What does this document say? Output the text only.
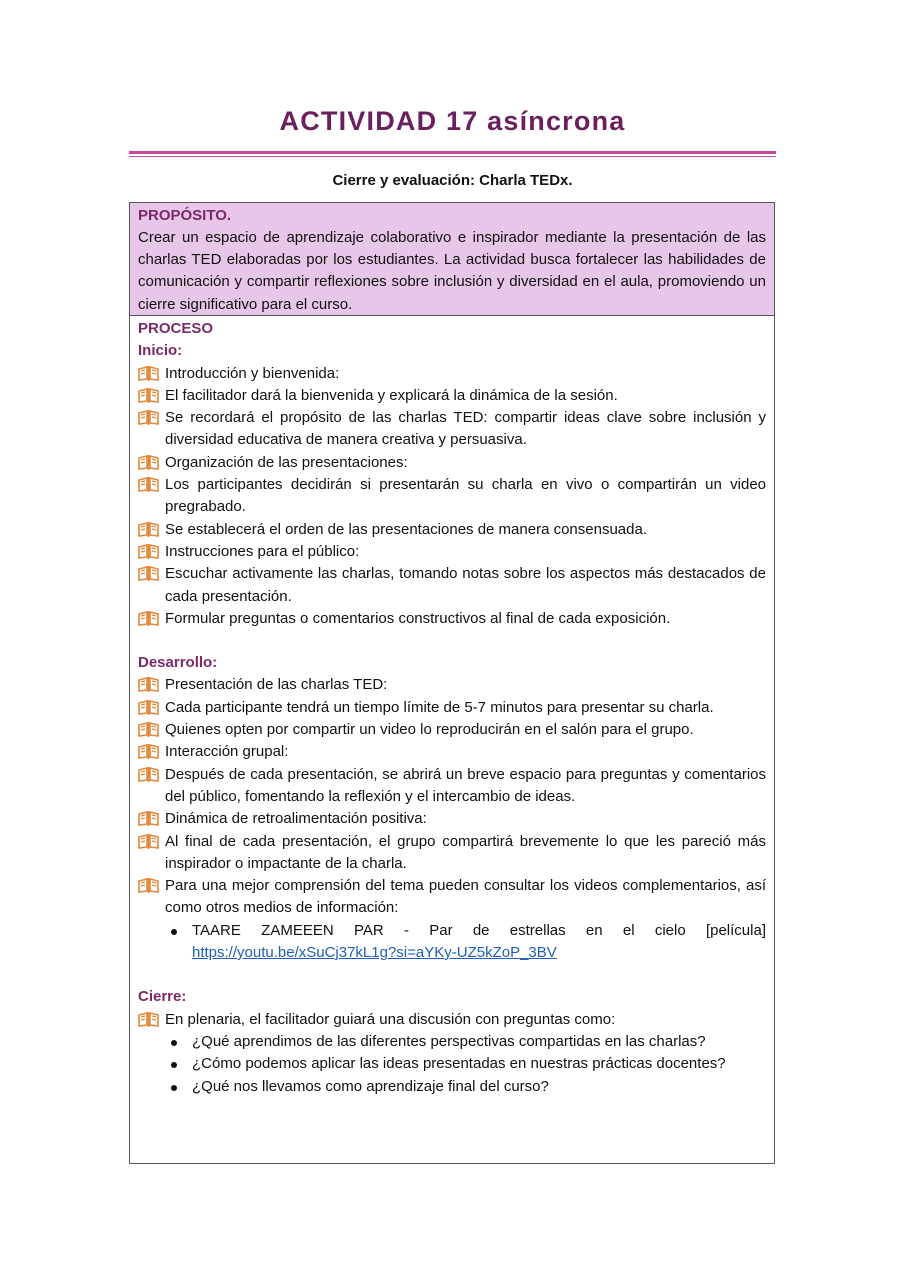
ACTIVIDAD 17 asíncrona
Cierre y evaluación: Charla TEDx.
PROPÓSITO.
Crear un espacio de aprendizaje colaborativo e inspirador mediante la presentación de las charlas TED elaboradas por los estudiantes. La actividad busca fortalecer las habilidades de comunicación y compartir reflexiones sobre inclusión y diversidad en el aula, promoviendo un cierre significativo para el curso.
PROCESO
Inicio:
Introducción y bienvenida:
El facilitador dará la bienvenida y explicará la dinámica de la sesión.
Se recordará el propósito de las charlas TED: compartir ideas clave sobre inclusión y diversidad educativa de manera creativa y persuasiva.
Organización de las presentaciones:
Los participantes decidirán si presentarán su charla en vivo o compartirán un video pregrabado.
Se establecerá el orden de las presentaciones de manera consensuada.
Instrucciones para el público:
Escuchar activamente las charlas, tomando notas sobre los aspectos más destacados de cada presentación.
Formular preguntas o comentarios constructivos al final de cada exposición.
Desarrollo:
Presentación de las charlas TED:
Cada participante tendrá un tiempo límite de 5-7 minutos para presentar su charla.
Quienes opten por compartir un video lo reproducirán en el salón para el grupo.
Interacción grupal:
Después de cada presentación, se abrirá un breve espacio para preguntas y comentarios del público, fomentando la reflexión y el intercambio de ideas.
Dinámica de retroalimentación positiva:
Al final de cada presentación, el grupo compartirá brevemente lo que les pareció más inspirador o impactante de la charla.
Para una mejor comprensión del tema pueden consultar los videos complementarios, así como otros medios de información:
TAARE ZAMEEEN PAR - Par de estrellas en el cielo [película]
https://youtu.be/xSuCj37kL1g?si=aYKy-UZ5kZoP_3BV
Cierre:
En plenaria, el facilitador guiará una discusión con preguntas como:
¿Qué aprendimos de las diferentes perspectivas compartidas en las charlas?
¿Cómo podemos aplicar las ideas presentadas en nuestras prácticas docentes?
¿Qué nos llevamos como aprendizaje final del curso?
